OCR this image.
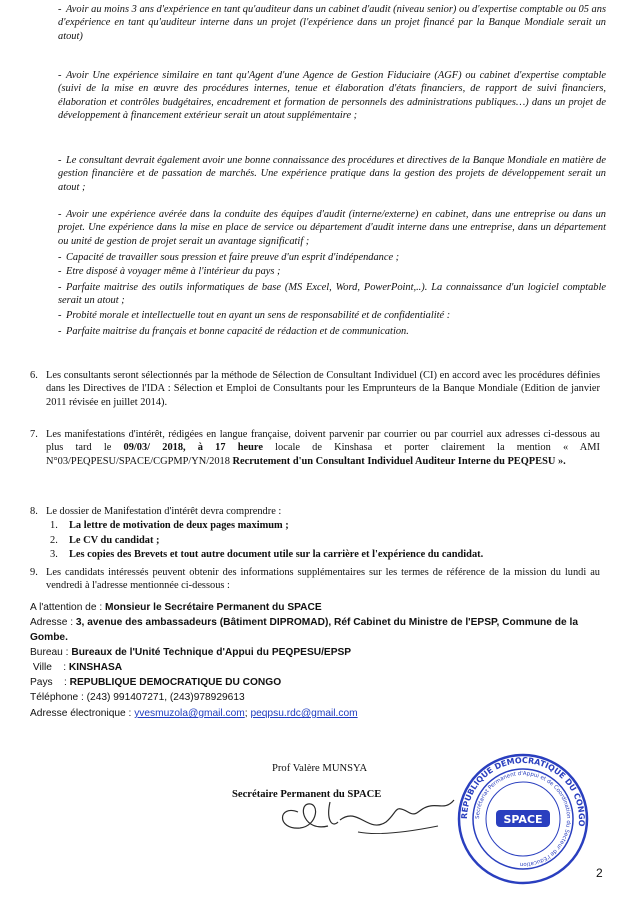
- Avoir au moins 3 ans d'expérience en tant qu'auditeur dans un cabinet d'audit (niveau senior) ou d'expertise comptable ou 05 ans d'expérience en tant qu'auditeur interne dans un projet (l'expérience dans un projet financé par la Banque Mondiale serait un atout)
- Avoir Une expérience similaire en tant qu'Agent d'une Agence de Gestion Fiduciaire (AGF) ou cabinet d'expertise comptable (suivi de la mise en œuvre des procédures internes, tenue et élaboration d'états financiers, de rapport de suivi financiers, élaboration et contrôles budgétaires, encadrement et formation de personnels des administrations publiques…) dans un projet de développement à financement extérieur serait un atout supplémentaire ;
- Le consultant devrait également avoir une bonne connaissance des procédures et directives de la Banque Mondiale en matière de gestion financière et de passation de marchés. Une expérience pratique dans la gestion des projets de développement serait un atout ;
- Avoir une expérience avérée dans la conduite des équipes d'audit (interne/externe) en cabinet, dans une entreprise ou dans un projet. Une expérience dans la mise en place de service ou département d'audit interne dans une entreprise, dans un département ou unité de gestion de projet serait un avantage significatif ;
- Capacité de travailler sous pression et faire preuve d'un esprit d'indépendance ;
- Etre disposé à voyager même à l'intérieur du pays ;
- Parfaite maitrise des outils informatiques de base (MS Excel, Word, PowerPoint,..). La connaissance d'un logiciel comptable serait un atout ;
- Probité morale et intellectuelle tout en ayant un sens de responsabilité et de confidentialité :
- Parfaite maitrise du français et bonne capacité de rédaction et de communication.
6. Les consultants seront sélectionnés par la méthode de Sélection de Consultant Individuel (CI) en accord avec les procédures définies dans les Directives de l'IDA : Sélection et Emploi de Consultants pour les Emprunteurs de la Banque Mondiale (Edition de janvier 2011 révisée en juillet 2014).
7. Les manifestations d'intérêt, rédigées en langue française, doivent parvenir par courrier ou par courriel aux adresses ci-dessous au plus tard le 09/03/ 2018, à 17 heure locale de Kinshasa et porter clairement la mention « AMI N°03/PEQPESU/SPACE/CGPMP/YN/2018 Recrutement d'un Consultant Individuel Auditeur Interne du PEQPESU ».
8. Le dossier de Manifestation d'intérêt devra comprendre :
1.	La lettre de motivation de deux pages maximum ;
2.	Le CV du candidat ;
3.	Les copies des Brevets et tout autre document utile sur la carrière et l'expérience du candidat.
9. Les candidats intéressés peuvent obtenir des informations supplémentaires sur les termes de référence de la mission du lundi au vendredi à l'adresse mentionnée ci-dessous :
A l'attention de : Monsieur le Secrétaire Permanent du SPACE
Adresse : 3, avenue des ambassadeurs (Bâtiment DIPROMAD), Réf Cabinet du Ministre de l'EPSP, Commune de la Gombe.
Bureau : Bureaux de l'Unité Technique d'Appui du PEQPESU/EPSP
Ville    : KINSHASA
Pays    : REPUBLIQUE DEMOCRATIQUE DU CONGO
Téléphone : (243) 991407271, (243)978929613
Adresse électronique : yvesmuzola@gmail.com; peqpsu.rdc@gmail.com
Prof Valère MUNSYA
Secrétaire Permanent du SPACE
REPUBLIQUE DEMOCRATIQUE DU CONGO
Secrétariat Permanent d'Appui et de Coordination du Secteur de l'Education
SPACE
2
